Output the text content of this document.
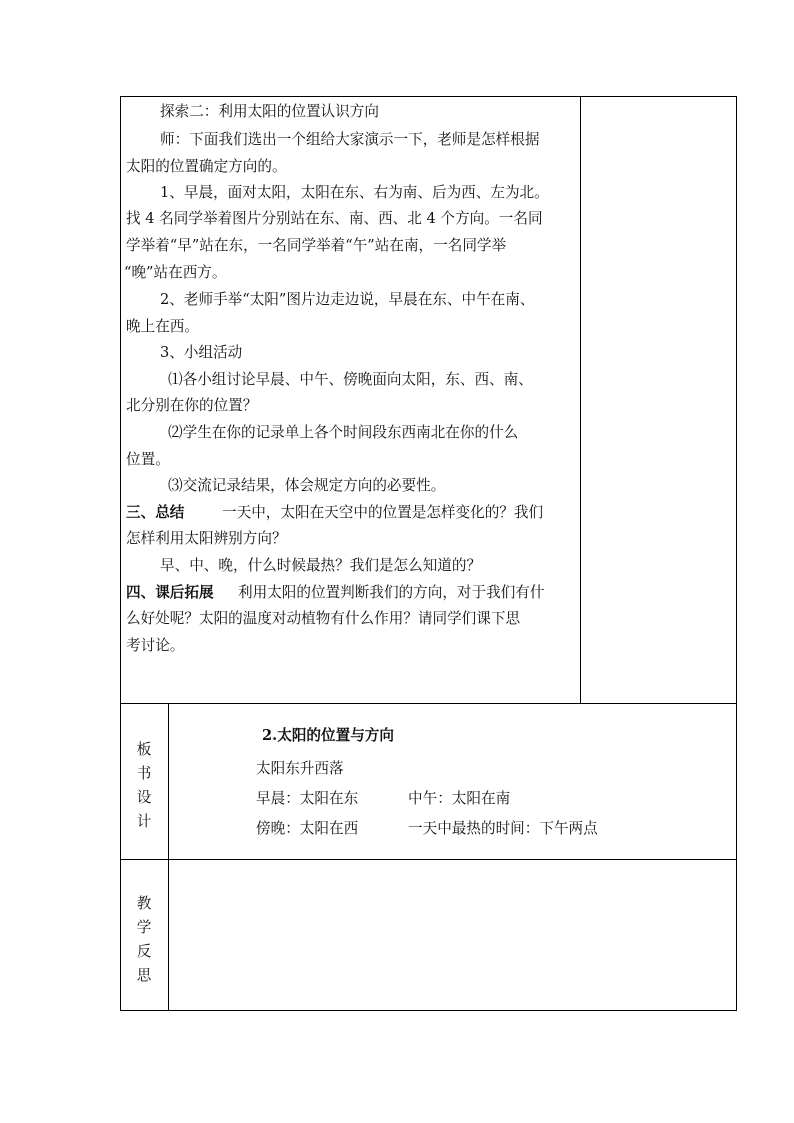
探索二：利用太阳的位置认识方向
师：下面我们选出一个组给大家演示一下，老师是怎样根据
太阳的位置确定方向的。
1、早晨，面对太阳，太阳在东、右为南、后为西、左为北。
找 4 名同学举着图片分别站在东、南、西、北 4 个方向。一名同
学举着“早”站在东，一名同学举着“午”站在南，一名同学举
“晚”站在西方。
2、老师手举“太阳”图片边走边说，早晨在东、中午在南、
晚上在西。
3、小组活动
⑴各小组讨论早晨、中午、傍晚面向太阳，东、西、南、
北分别在你的位置？
⑵学生在你的记录单上各个时间段东西南北在你的什么
位置。
⑶交流记录结果，体会规定方向的必要性。
三、总结	一天中，太阳在天空中的位置是怎样变化的？我们
怎样利用太阳辨别方向？
早、中、晚，什么时候最热？我们是怎么知道的？
四、课后拓展 利用太阳的位置判断我们的方向，对于我们有什
么好处呢？太阳的温度对动植物有什么作用？请同学们课下思
考讨论。
板
书
设
计
2.太阳的位置与方向
太阳东升西落
早晨：太阳在东	中午：太阳在南
傍晚：太阳在西	一天中最热的时间：下午两点
教
学
反
思
